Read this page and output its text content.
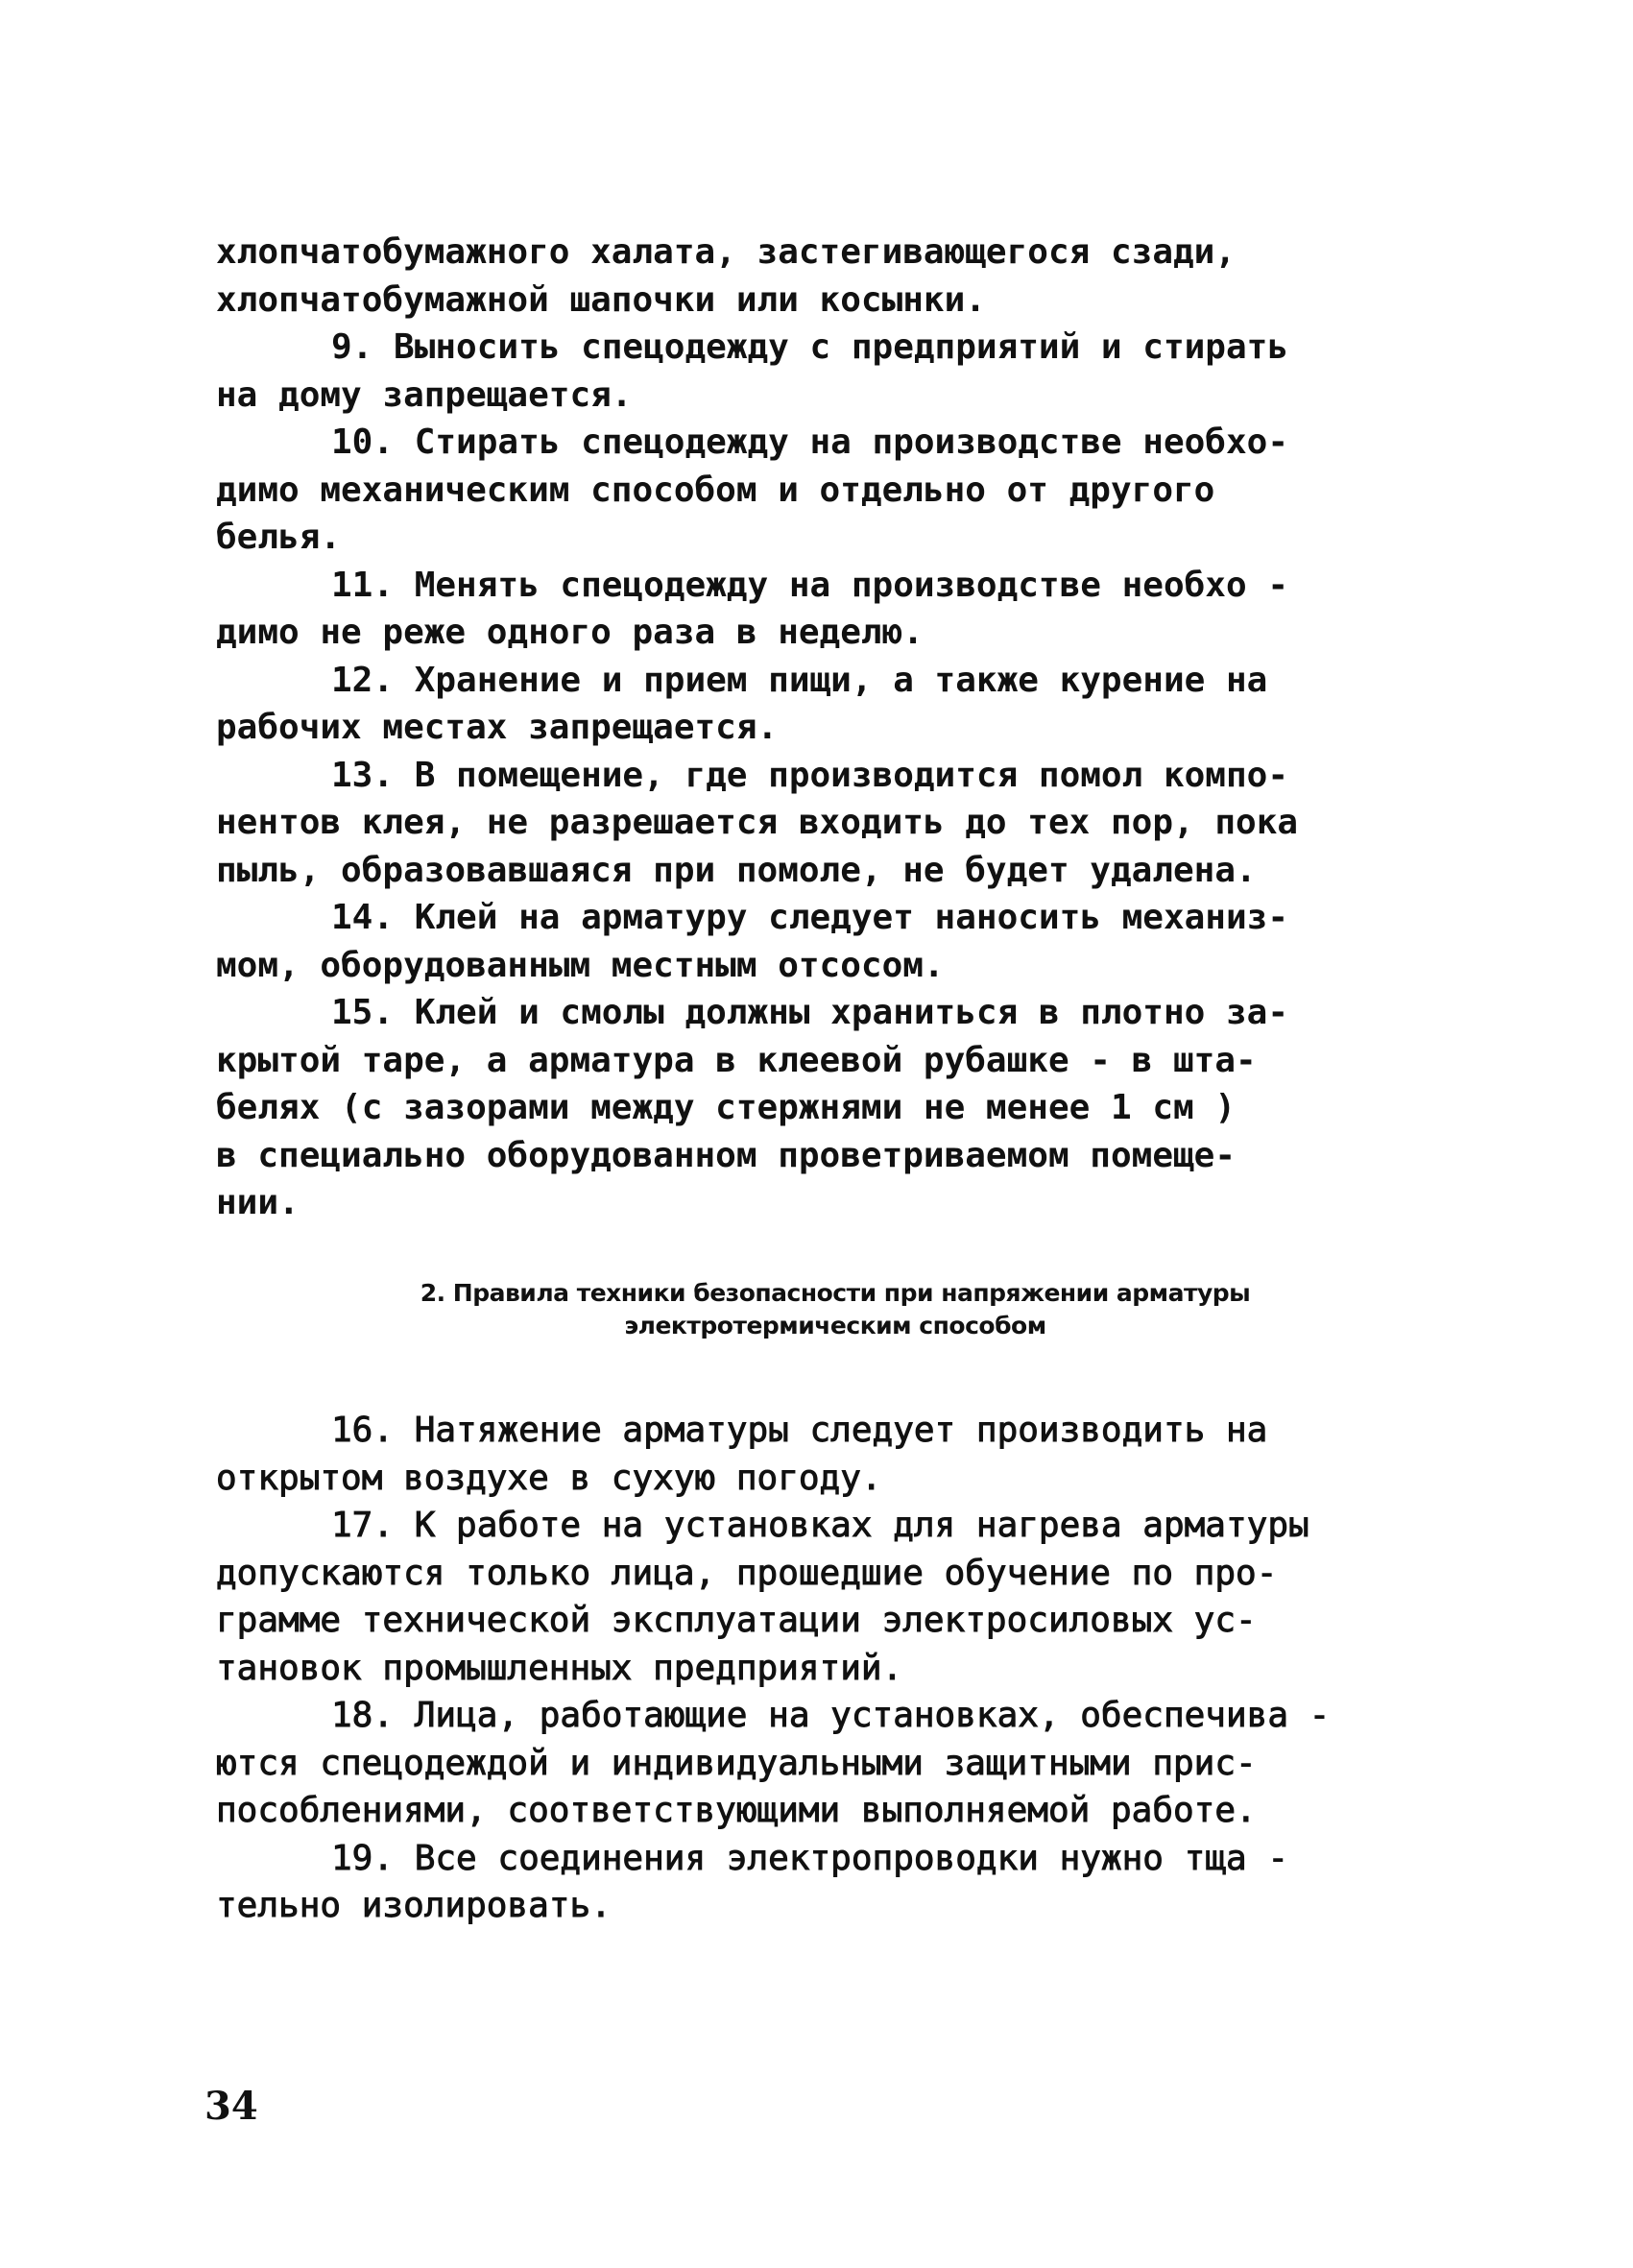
хлопчатобумажного халата, застегивающегося сзади,
хлопчатобумажной шапочки или косынки.
9. Выносить спецодежду с предприятий и стирать
на дому запрещается.
10. Стирать спецодежду на производстве необхо-
димо механическим способом и отдельно от другого
белья.
11. Менять спецодежду на производстве необхо -
димо не реже одного раза в неделю.
12. Хранение и прием пищи, а также курение на
рабочих местах запрещается.
13. В помещение, где производится помол компо-
нентов клея, не разрешается входить до тех пор, пока
пыль, образовавшаяся при помоле, не будет удалена.
14. Клей на арматуру следует наносить механиз-
мом, оборудованным местным отсосом.
15. Клей и смолы должны храниться в плотно за-
крытой таре, а арматура в клеевой рубашке - в шта-
белях (с зазорами между стержнями не менее 1 см )
в специально оборудованном проветриваемом помеще-
нии.
2. Правила техники безопасности при напряжении арматуры
электротермическим способом
16. Натяжение арматуры следует производить на
открытом воздухе в сухую погоду.
17. К работе на установках для нагрева арматуры
допускаются только лица, прошедшие обучение по про-
грамме технической эксплуатации электросиловых ус-
тановок промышленных предприятий.
18. Лица, работающие на установках, обеспечива -
ются спецодеждой и индивидуальными защитными прис-
пособлениями, соответствующими выполняемой работе.
19. Все соединения электропроводки нужно тща -
тельно изолировать.
34
